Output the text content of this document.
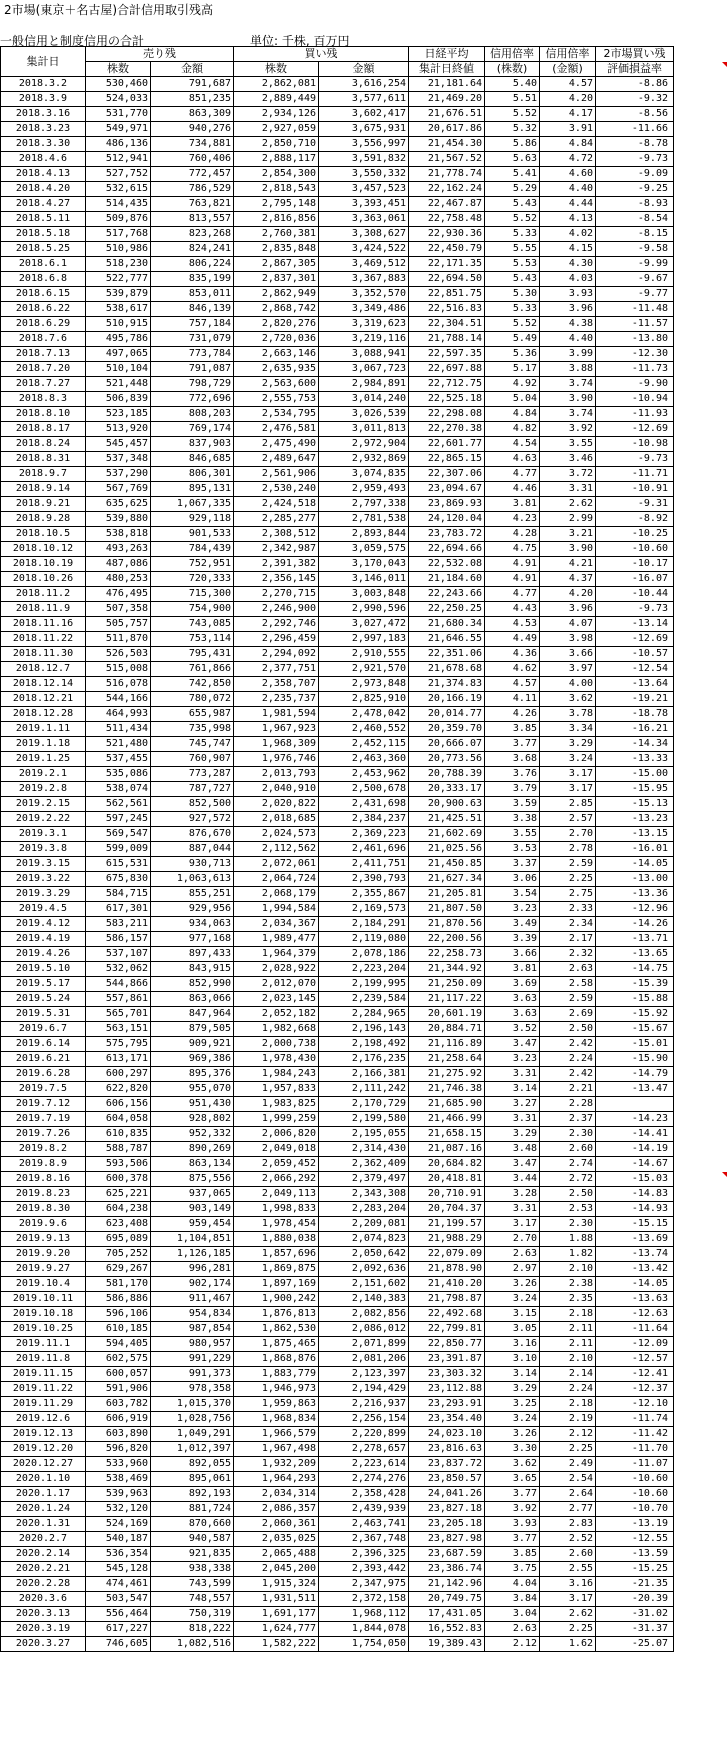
2市場(東京＋名古屋)合計信用取引残高
一般信用と制度信用の合計	単位: 千株, 百万円
集計日	売り残		買い残		日経平均	信用倍率	信用倍率	2市場買い残
	株数	金額	株数	金額	集計日終値	(株数)	(金額)	評価損益率
2018.3.2	530,460	791,687	2,862,081	3,616,254	21,181.64	5.40	4.57	-8.86
2018.3.9	524,033	851,235	2,889,449	3,577,611	21,469.20	5.51	4.20	-9.32
2018.3.16	531,770	863,309	2,934,126	3,602,417	21,676.51	5.52	4.17	-8.56
2018.3.23	549,971	940,276	2,927,059	3,675,931	20,617.86	5.32	3.91	-11.66
2018.3.30	486,136	734,881	2,850,710	3,556,997	21,454.30	5.86	4.84	-8.78
2018.4.6	512,941	760,406	2,888,117	3,591,832	21,567.52	5.63	4.72	-9.73
2018.4.13	527,752	772,457	2,854,300	3,550,332	21,778.74	5.41	4.60	-9.09
2018.4.20	532,615	786,529	2,818,543	3,457,523	22,162.24	5.29	4.40	-9.25
2018.4.27	514,435	763,821	2,795,148	3,393,451	22,467.87	5.43	4.44	-8.93
2018.5.11	509,876	813,557	2,816,856	3,363,061	22,758.48	5.52	4.13	-8.54
2018.5.18	517,768	823,268	2,760,381	3,308,627	22,930.36	5.33	4.02	-8.15
2018.5.25	510,986	824,241	2,835,848	3,424,522	22,450.79	5.55	4.15	-9.58
2018.6.1	518,230	806,224	2,867,305	3,469,512	22,171.35	5.53	4.30	-9.99
2018.6.8	522,777	835,199	2,837,301	3,367,883	22,694.50	5.43	4.03	-9.67
2018.6.15	539,879	853,011	2,862,949	3,352,570	22,851.75	5.30	3.93	-9.77
2018.6.22	538,617	846,139	2,868,742	3,349,486	22,516.83	5.33	3.96	-11.48
2018.6.29	510,915	757,184	2,820,276	3,319,623	22,304.51	5.52	4.38	-11.57
2018.7.6	495,786	731,079	2,720,036	3,219,116	21,788.14	5.49	4.40	-13.80
2018.7.13	497,065	773,784	2,663,146	3,088,941	22,597.35	5.36	3.99	-12.30
2018.7.20	510,104	791,087	2,635,935	3,067,723	22,697.88	5.17	3.88	-11.73
2018.7.27	521,448	798,729	2,563,600	2,984,891	22,712.75	4.92	3.74	-9.90
2018.8.3	506,839	772,696	2,555,753	3,014,240	22,525.18	5.04	3.90	-10.94
2018.8.10	523,185	808,203	2,534,795	3,026,539	22,298.08	4.84	3.74	-11.93
2018.8.17	513,920	769,174	2,476,581	3,011,813	22,270.38	4.82	3.92	-12.69
2018.8.24	545,457	837,903	2,475,490	2,972,904	22,601.77	4.54	3.55	-10.98
2018.8.31	537,348	846,685	2,489,647	2,932,869	22,865.15	4.63	3.46	-9.73
2018.9.7	537,290	806,301	2,561,906	3,074,835	22,307.06	4.77	3.72	-11.71
2018.9.14	567,769	895,131	2,530,240	2,959,493	23,094.67	4.46	3.31	-10.91
2018.9.21	635,625	1,067,335	2,424,518	2,797,338	23,869.93	3.81	2.62	-9.31
2018.9.28	539,880	929,118	2,285,277	2,781,538	24,120.04	4.23	2.99	-8.92
2018.10.5	538,818	901,533	2,308,512	2,893,844	23,783.72	4.28	3.21	-10.25
2018.10.12	493,263	784,439	2,342,987	3,059,575	22,694.66	4.75	3.90	-10.60
2018.10.19	487,086	752,951	2,391,382	3,170,043	22,532.08	4.91	4.21	-10.17
2018.10.26	480,253	720,333	2,356,145	3,146,011	21,184.60	4.91	4.37	-16.07
2018.11.2	476,495	715,300	2,270,715	3,003,848	22,243.66	4.77	4.20	-10.44
2018.11.9	507,358	754,900	2,246,900	2,990,596	22,250.25	4.43	3.96	-9.73
2018.11.16	505,757	743,085	2,292,746	3,027,472	21,680.34	4.53	4.07	-13.14
2018.11.22	511,870	753,114	2,296,459	2,997,183	21,646.55	4.49	3.98	-12.69
2018.11.30	526,503	795,431	2,294,092	2,910,555	22,351.06	4.36	3.66	-10.57
2018.12.7	515,008	761,866	2,377,751	2,921,570	21,678.68	4.62	3.97	-12.54
2018.12.14	516,078	742,850	2,358,707	2,973,848	21,374.83	4.57	4.00	-13.64
2018.12.21	544,166	780,072	2,235,737	2,825,910	20,166.19	4.11	3.62	-19.21
2018.12.28	464,993	655,987	1,981,594	2,478,042	20,014.77	4.26	3.78	-18.78
2019.1.11	511,434	735,998	1,967,923	2,460,552	20,359.70	3.85	3.34	-16.21
2019.1.18	521,480	745,747	1,968,309	2,452,115	20,666.07	3.77	3.29	-14.34
2019.1.25	537,455	760,907	1,976,746	2,463,360	20,773.56	3.68	3.24	-13.33
2019.2.1	535,086	773,287	2,013,793	2,453,962	20,788.39	3.76	3.17	-15.00
2019.2.8	538,074	787,727	2,040,910	2,500,678	20,333.17	3.79	3.17	-15.95
2019.2.15	562,561	852,500	2,020,822	2,431,698	20,900.63	3.59	2.85	-15.13
2019.2.22	597,245	927,572	2,018,685	2,384,237	21,425.51	3.38	2.57	-13.23
2019.3.1	569,547	876,670	2,024,573	2,369,223	21,602.69	3.55	2.70	-13.15
2019.3.8	599,009	887,044	2,112,562	2,461,696	21,025.56	3.53	2.78	-16.01
2019.3.15	615,531	930,713	2,072,061	2,411,751	21,450.85	3.37	2.59	-14.05
2019.3.22	675,830	1,063,613	2,064,724	2,390,793	21,627.34	3.06	2.25	-13.00
2019.3.29	584,715	855,251	2,068,179	2,355,867	21,205.81	3.54	2.75	-13.36
2019.4.5	617,301	929,956	1,994,584	2,169,573	21,807.50	3.23	2.33	-12.96
2019.4.12	583,211	934,063	2,034,367	2,184,291	21,870.56	3.49	2.34	-14.26
2019.4.19	586,157	977,168	1,989,477	2,119,080	22,200.56	3.39	2.17	-13.71
2019.4.26	537,107	897,433	1,964,379	2,078,186	22,258.73	3.66	2.32	-13.65
2019.5.10	532,062	843,915	2,028,922	2,223,204	21,344.92	3.81	2.63	-14.75
2019.5.17	544,866	852,990	2,012,070	2,199,995	21,250.09	3.69	2.58	-15.39
2019.5.24	557,861	863,066	2,023,145	2,239,584	21,117.22	3.63	2.59	-15.88
2019.5.31	565,701	847,964	2,052,182	2,284,965	20,601.19	3.63	2.69	-15.92
2019.6.7	563,151	879,505	1,982,668	2,196,143	20,884.71	3.52	2.50	-15.67
2019.6.14	575,795	909,921	2,000,738	2,198,492	21,116.89	3.47	2.42	-15.01
2019.6.21	613,171	969,386	1,978,430	2,176,235	21,258.64	3.23	2.24	-15.90
2019.6.28	600,297	895,376	1,984,243	2,166,381	21,275.92	3.31	2.42	-14.79
2019.7.5	622,820	955,070	1,957,833	2,111,242	21,746.38	3.14	2.21	-13.47
2019.7.12	606,156	951,430	1,983,825	2,170,729	21,685.90	3.27	2.28	
2019.7.19	604,058	928,802	1,999,259	2,199,580	21,466.99	3.31	2.37	-14.23
2019.7.26	610,835	952,332	2,006,820	2,195,055	21,658.15	3.29	2.30	-14.41
2019.8.2	588,787	890,269	2,049,018	2,314,430	21,087.16	3.48	2.60	-14.19
2019.8.9	593,506	863,134	2,059,452	2,362,409	20,684.82	3.47	2.74	-14.67
2019.8.16	600,378	875,556	2,066,292	2,379,497	20,418.81	3.44	2.72	-15.03
2019.8.23	625,221	937,065	2,049,113	2,343,308	20,710.91	3.28	2.50	-14.83
2019.8.30	604,238	903,149	1,998,833	2,283,204	20,704.37	3.31	2.53	-14.93
2019.9.6	623,408	959,454	1,978,454	2,209,081	21,199.57	3.17	2.30	-15.15
2019.9.13	695,089	1,104,851	1,880,038	2,074,823	21,988.29	2.70	1.88	-13.69
2019.9.20	705,252	1,126,185	1,857,696	2,050,642	22,079.09	2.63	1.82	-13.74
2019.9.27	629,267	996,281	1,869,875	2,092,636	21,878.90	2.97	2.10	-13.42
2019.10.4	581,170	902,174	1,897,169	2,151,602	21,410.20	3.26	2.38	-14.05
2019.10.11	586,886	911,467	1,900,242	2,140,383	21,798.87	3.24	2.35	-13.63
2019.10.18	596,106	954,834	1,876,813	2,082,856	22,492.68	3.15	2.18	-12.63
2019.10.25	610,185	987,854	1,862,530	2,086,012	22,799.81	3.05	2.11	-11.64
2019.11.1	594,405	980,957	1,875,465	2,071,899	22,850.77	3.16	2.11	-12.09
2019.11.8	602,575	991,229	1,868,876	2,081,206	23,391.87	3.10	2.10	-12.57
2019.11.15	600,057	991,373	1,883,779	2,123,397	23,303.32	3.14	2.14	-12.41
2019.11.22	591,906	978,358	1,946,973	2,194,429	23,112.88	3.29	2.24	-12.37
2019.11.29	603,782	1,015,370	1,959,863	2,216,937	23,293.91	3.25	2.18	-12.10
2019.12.6	606,919	1,028,756	1,968,834	2,256,154	23,354.40	3.24	2.19	-11.74
2019.12.13	603,890	1,049,291	1,966,579	2,220,899	24,023.10	3.26	2.12	-11.42
2019.12.20	596,820	1,012,397	1,967,498	2,278,657	23,816.63	3.30	2.25	-11.70
2020.12.27	533,960	892,055	1,932,209	2,223,614	23,837.72	3.62	2.49	-11.07
2020.1.10	538,469	895,061	1,964,293	2,274,276	23,850.57	3.65	2.54	-10.60
2020.1.17	539,963	892,193	2,034,314	2,358,428	24,041.26	3.77	2.64	-10.60
2020.1.24	532,120	881,724	2,086,357	2,439,939	23,827.18	3.92	2.77	-10.70
2020.1.31	524,169	870,660	2,060,361	2,463,741	23,205.18	3.93	2.83	-13.19
2020.2.7	540,187	940,587	2,035,025	2,367,748	23,827.98	3.77	2.52	-12.55
2020.2.14	536,354	921,835	2,065,488	2,396,325	23,687.59	3.85	2.60	-13.59
2020.2.21	545,128	938,338	2,045,200	2,393,442	23,386.74	3.75	2.55	-15.25
2020.2.28	474,461	743,599	1,915,324	2,347,975	21,142.96	4.04	3.16	-21.35
2020.3.6	503,547	748,557	1,931,511	2,372,158	20,749.75	3.84	3.17	-20.39
2020.3.13	556,464	750,319	1,691,177	1,968,112	17,431.05	3.04	2.62	-31.02
2020.3.19	617,227	818,222	1,624,777	1,844,078	16,552.83	2.63	2.25	-31.37
2020.3.27	746,605	1,082,516	1,582,222	1,754,050	19,389.43	2.12	1.62	-25.07
